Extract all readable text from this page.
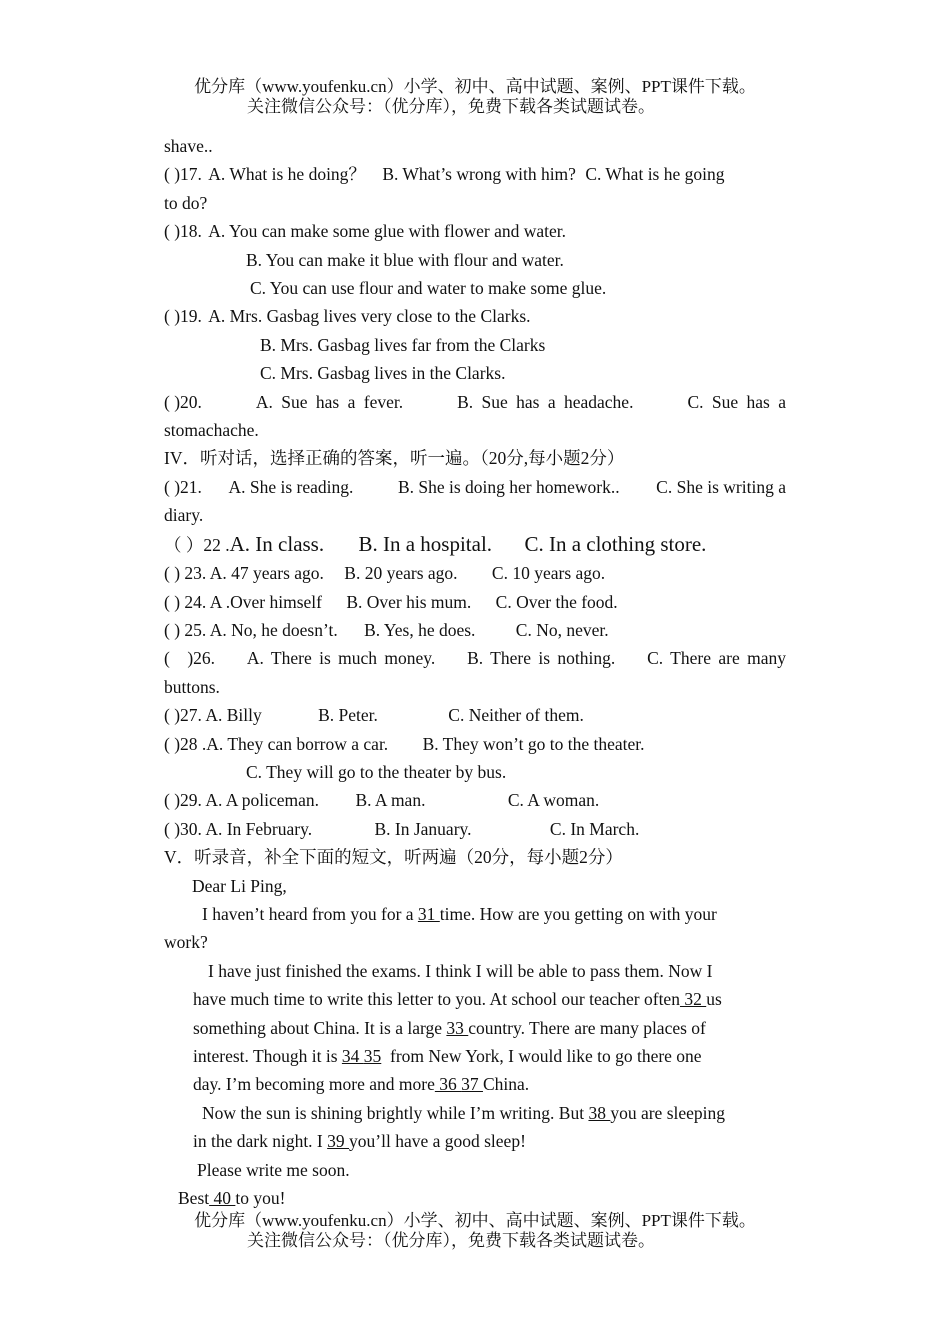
优分库（www.youfenku.cn）小学、初中、高中试题、案例、PPT课件下载。
关注微信公众号：（优分库），免费下载各类试题试卷。

shave..

( )17. A. What is he doing？ B. What’s wrong with him? C. What is he going

to do?

( )18. A. You can make some glue with flower and water.

B. You can make it blue with flour and water.

C. You can use flour and water to make some glue.

( )19. A. Mrs. Gasbag lives very close to the Clarks.

B. Mrs. Gasbag lives far from the Clarks

C. Mrs. Gasbag lives in the Clarks.

( )20.	A. Sue has a fever.	B. Sue has a headache.	C. Sue has a

stomachache.

IV．听对话，选择正确的答案，听一遍。（20分,每小题2分）

( )21. A. She is reading.	B. She is doing her homework.. C. She is writing a

diary.

（ ）22 .A. In class. B. In a hospital. C. In a clothing store.

( ) 23. A. 47 years ago. B. 20 years ago. C. 10 years ago.

( ) 24. A .Over himself B. Over his mum. C. Over the food.

( ) 25. A. No, he doesn’t. B. Yes, he does. C. No, never.

(    )26. A. There is much money. B. There is nothing. C. There are many

buttons.

( )27. A. Billy	B. Peter.	C. Neither of them.

( )28 .A. They can borrow a car. B. They won’t go to the theater.

C. They will go to the theater by bus.

( )29. A. A policeman. B. A man.	C. A woman.

( )30. A. In February.	B. In January.	C. In March.

V．听录音，补全下面的短文，听两遍（20分，每小题2分）

Dear Li Ping,

I haven’t heard from you for a 31 time. How are you getting on with your

work?

I have just finished the exams. I think I will be able to pass them. Now I

have much time to write this letter to you. At school our teacher often 32 us

something about China. It is a large 33 country. There are many places of

interest. Though it is 34 35  from New York, I would like to go there one

day. I’m becoming more and more 36 37 China.

Now the sun is shining brightly while I’m writing. But 38 you are sleeping

in the dark night. I 39 you’ll have a good sleep!

Please write me soon.

Best 40 to you!

优分库（www.youfenku.cn）小学、初中、高中试题、案例、PPT课件下载。
关注微信公众号：（优分库），免费下载各类试题试卷。
